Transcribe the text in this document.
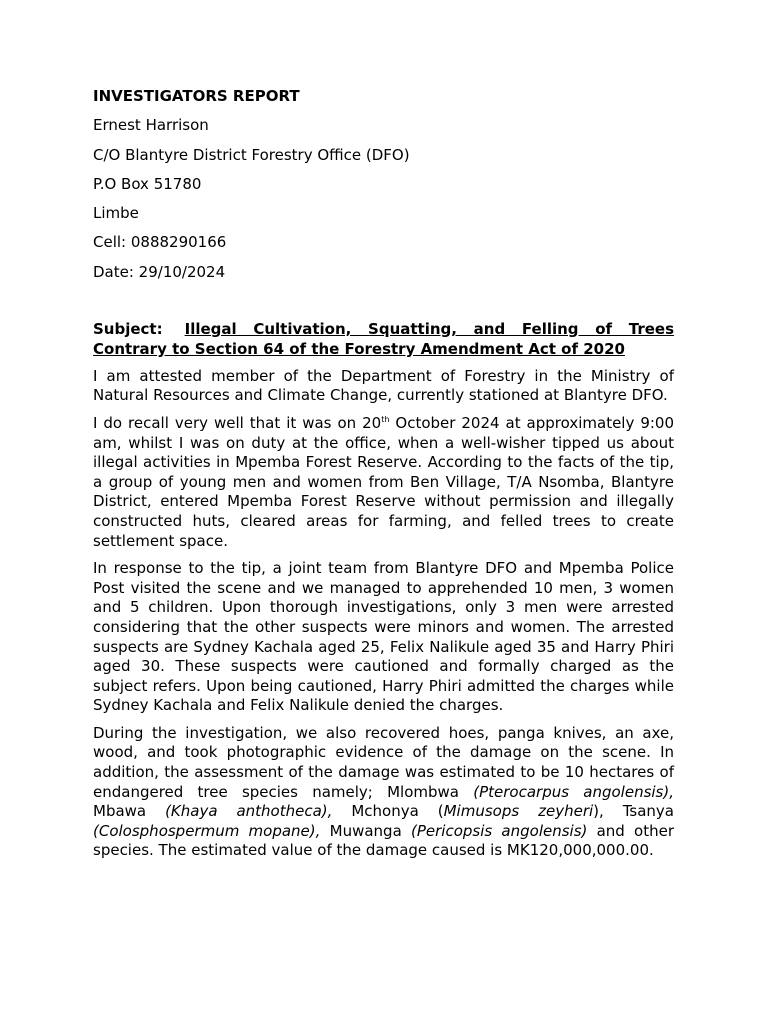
INVESTIGATORS REPORT
Ernest Harrison
C/O Blantyre District Forestry Office (DFO)
P.O Box 51780
Limbe
Cell: 0888290166
Date: 29/10/2024
Subject: Illegal Cultivation, Squatting, and Felling of Trees Contrary to Section 64 of the Forestry Amendment Act of 2020

I am attested member of the Department of Forestry in the Ministry of Natural Resources and Climate Change, currently stationed at Blantyre DFO.

I do recall very well that it was on 20th October 2024 at approximately 9:00 am, whilst I was on duty at the office, when a well-wisher tipped us about illegal activities in Mpemba Forest Reserve. According to the facts of the tip, a group of young men and women from Ben Village, T/A Nsomba, Blantyre District, entered Mpemba Forest Reserve without permission and illegally constructed huts, cleared areas for farming, and felled trees to create settlement space.

In response to the tip, a joint team from Blantyre DFO and Mpemba Police Post visited the scene and we managed to apprehended 10 men, 3 women and 5 children. Upon thorough investigations, only 3 men were arrested considering that the other suspects were minors and women. The arrested suspects are Sydney Kachala aged 25, Felix Nalikule aged 35 and Harry Phiri aged 30. These suspects were cautioned and formally charged as the subject refers. Upon being cautioned, Harry Phiri admitted the charges while Sydney Kachala and Felix Nalikule denied the charges.

During the investigation, we also recovered hoes, panga knives, an axe, wood, and took photographic evidence of the damage on the scene. In addition, the assessment of the damage was estimated to be 10 hectares of endangered tree species namely; Mlombwa (Pterocarpus angolensis), Mbawa (Khaya anthotheca), Mchonya (Mimusops zeyheri), Tsanya (Colosphospermum mopane), Muwanga (Pericopsis angolensis) and other species. The estimated value of the damage caused is MK120,000,000.00.
